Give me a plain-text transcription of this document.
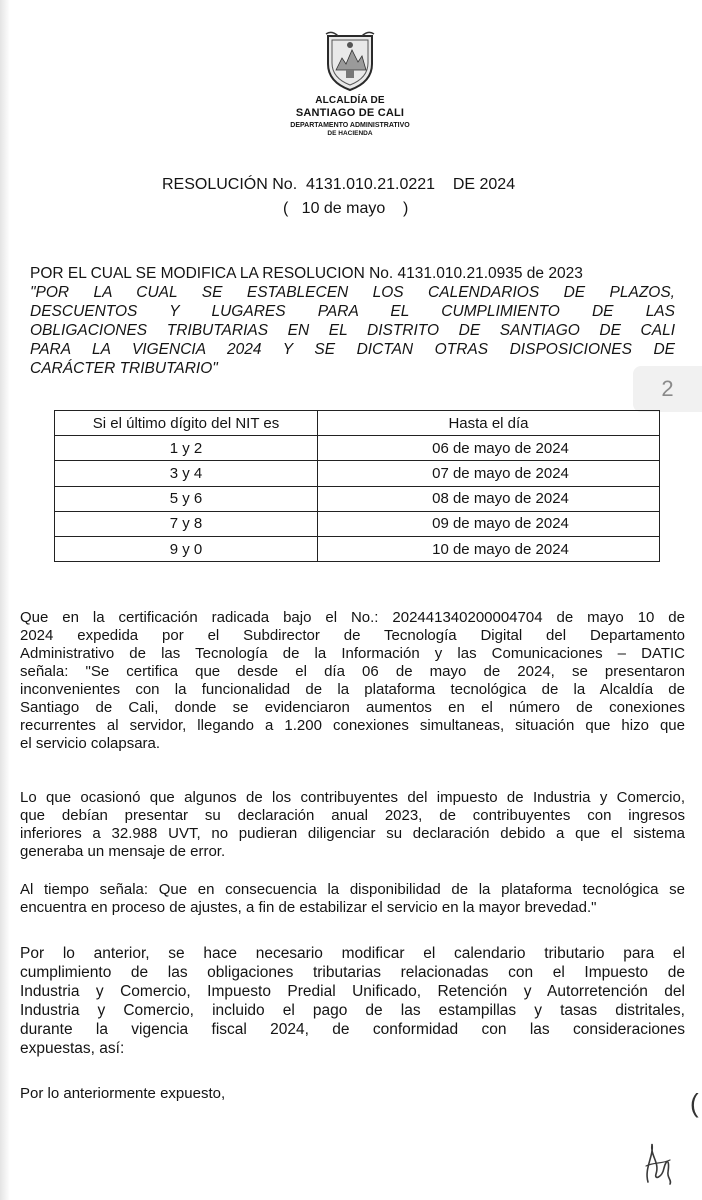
ALCALDÍA DE
SANTIAGO DE CALI
DEPARTAMENTO ADMINISTRATIVO
DE HACIENDA
RESOLUCIÓN No.  4131.010.21.0221    DE 2024
(   10 de mayo    )
POR EL CUAL SE MODIFICA LA RESOLUCION No. 4131.010.21.0935 de 2023
"POR LA CUAL SE ESTABLECEN LOS CALENDARIOS DE PLAZOS,
DESCUENTOS Y LUGARES PARA EL CUMPLIMIENTO DE LAS
OBLIGACIONES TRIBUTARIAS EN EL DISTRITO DE SANTIAGO DE CALI
PARA LA VIGENCIA 2024 Y SE DICTAN OTRAS DISPOSICIONES DE
CARÁCTER TRIBUTARIO"
2
Si el último dígito del NIT es	Hasta el día
1 y 2	06 de mayo de 2024
3 y 4	07 de mayo de 2024
5 y 6	08 de mayo de 2024
7 y 8	09 de mayo de 2024
9 y 0	10 de mayo de 2024
Que en la certificación radicada bajo el No.: 202441340200004704 de mayo 10 de
2024 expedida por el Subdirector de Tecnología Digital del Departamento
Administrativo de las Tecnología de la Información y las Comunicaciones – DATIC
señala: "Se certifica que desde el día 06 de mayo de 2024, se presentaron
inconvenientes con la funcionalidad de la plataforma tecnológica de la Alcaldía de
Santiago de Cali, donde se evidenciaron aumentos en el número de conexiones
recurrentes al servidor, llegando a 1.200 conexiones simultaneas, situación que hizo que
el servicio colapsara.
Lo que ocasionó que algunos de los contribuyentes del impuesto de Industria y Comercio,
que debían presentar su declaración anual 2023, de contribuyentes con ingresos
inferiores a 32.988 UVT, no pudieran diligenciar su declaración debido a que el sistema
generaba un mensaje de error.
Al tiempo señala: Que en consecuencia la disponibilidad de la plataforma tecnológica se
encuentra en proceso de ajustes, a fin de estabilizar el servicio en la mayor brevedad."
Por lo anterior, se hace necesario modificar el calendario tributario para el
cumplimiento de las obligaciones tributarias relacionadas con el Impuesto de
Industria y Comercio, Impuesto Predial Unificado, Retención y Autorretención del
Industria y Comercio, incluido el pago de las estampillas y tasas distritales,
durante la vigencia fiscal 2024, de conformidad con las consideraciones
expuestas, así:
Por lo anteriormente expuesto,	(
